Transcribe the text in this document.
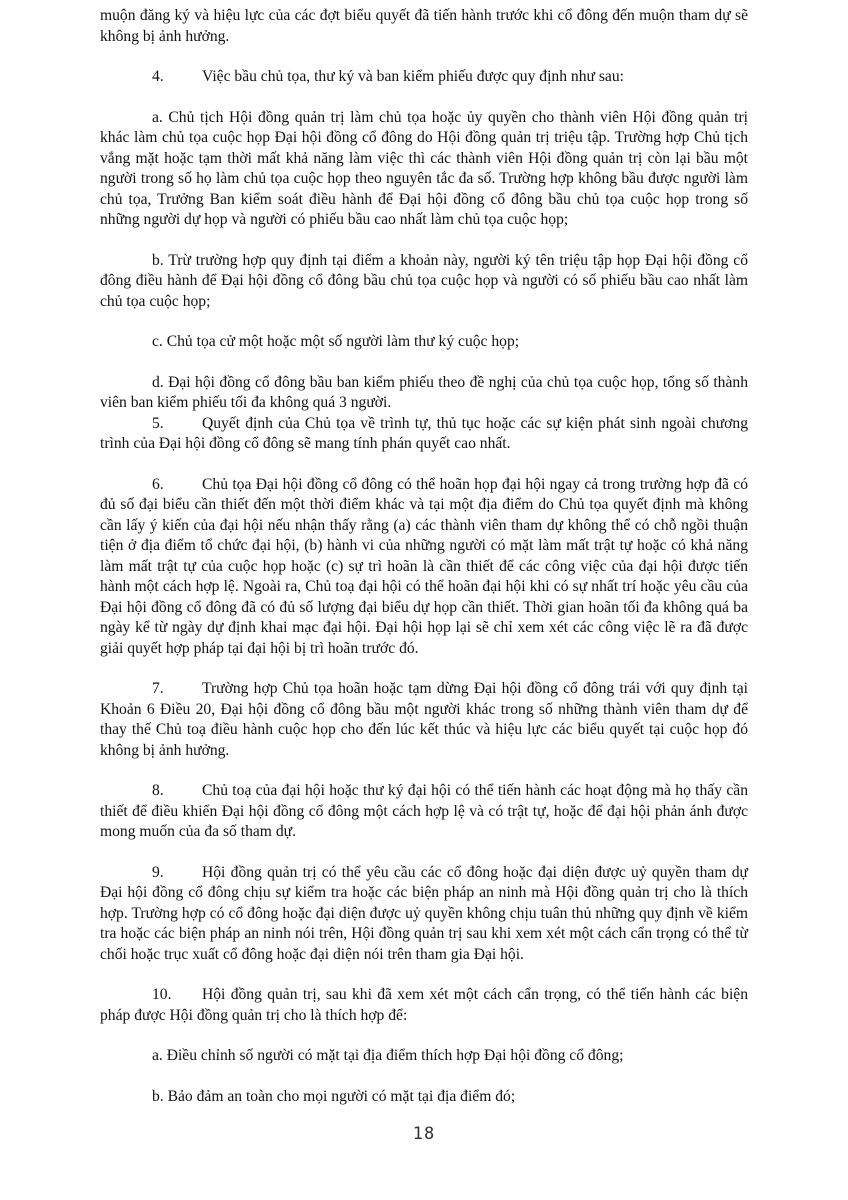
muộn đăng ký và hiệu lực của các đợt biểu quyết đã tiến hành trước khi cổ đông đến muộn tham dự sẽ không bị ảnh hưởng.

4. Việc bầu chủ tọa, thư ký và ban kiểm phiếu được quy định như sau:

a. Chủ tịch Hội đồng quản trị làm chủ tọa hoặc ủy quyền cho thành viên Hội đồng quản trị khác làm chủ tọa cuộc họp Đại hội đồng cổ đông do Hội đồng quản trị triệu tập. Trường hợp Chủ tịch vắng mặt hoặc tạm thời mất khả năng làm việc thì các thành viên Hội đồng quản trị còn lại bầu một người trong số họ làm chủ tọa cuộc họp theo nguyên tắc đa số. Trường hợp không bầu được người làm chủ tọa, Trưởng Ban kiểm soát điều hành để Đại hội đồng cổ đông bầu chủ tọa cuộc họp trong số những người dự họp và người có phiếu bầu cao nhất làm chủ tọa cuộc họp;

b. Trừ trường hợp quy định tại điểm a khoản này, người ký tên triệu tập họp Đại hội đồng cổ đông điều hành để Đại hội đồng cổ đông bầu chủ tọa cuộc họp và người có số phiếu bầu cao nhất làm chủ tọa cuộc họp;

c. Chủ tọa cử một hoặc một số người làm thư ký cuộc họp;

d. Đại hội đồng cổ đông bầu ban kiểm phiếu theo đề nghị của chủ tọa cuộc họp, tổng số thành viên ban kiểm phiếu tối đa không quá 3 người.

5. Quyết định của Chủ tọa về trình tự, thủ tục hoặc các sự kiện phát sinh ngoài chương trình của Đại hội đồng cổ đông sẽ mang tính phán quyết cao nhất.

6. Chủ tọa Đại hội đồng cổ đông có thể hoãn họp đại hội ngay cả trong trường hợp đã có đủ số đại biểu cần thiết đến một thời điểm khác và tại một địa điểm do Chủ tọa quyết định mà không cần lấy ý kiến của đại hội nếu nhận thấy rằng (a) các thành viên tham dự không thể có chỗ ngồi thuận tiện ở địa điểm tổ chức đại hội, (b) hành vi của những người có mặt làm mất trật tự hoặc có khả năng làm mất trật tự của cuộc họp hoặc (c) sự trì hoãn là cần thiết để các công việc của đại hội được tiến hành một cách hợp lệ. Ngoài ra, Chủ toạ đại hội có thể hoãn đại hội khi có sự nhất trí hoặc yêu cầu của Đại hội đồng cổ đông đã có đủ số lượng đại biểu dự họp cần thiết. Thời gian hoãn tối đa không quá ba ngày kể từ ngày dự định khai mạc đại hội. Đại hội họp lại sẽ chỉ xem xét các công việc lẽ ra đã được giải quyết hợp pháp tại đại hội bị trì hoãn trước đó.

7. Trường hợp Chủ tọa hoãn hoặc tạm dừng Đại hội đồng cổ đông trái với quy định tại Khoản 6 Điều 20, Đại hội đồng cổ đông bầu một người khác trong số những thành viên tham dự để thay thế Chủ toạ điều hành cuộc họp cho đến lúc kết thúc và hiệu lực các biểu quyết tại cuộc họp đó không bị ảnh hưởng.

8. Chủ toạ của đại hội hoặc thư ký đại hội có thể tiến hành các hoạt động mà họ thấy cần thiết để điều khiển Đại hội đồng cổ đông một cách hợp lệ và có trật tự, hoặc để đại hội phản ánh được mong muốn của đa số tham dự.

9. Hội đồng quản trị có thể yêu cầu các cổ đông hoặc đại diện được uỷ quyền tham dự Đại hội đồng cổ đông chịu sự kiểm tra hoặc các biện pháp an ninh mà Hội đồng quản trị cho là thích hợp. Trường hợp có cổ đông hoặc đại diện được uỷ quyền không chịu tuân thủ những quy định về kiểm tra hoặc các biện pháp an ninh nói trên, Hội đồng quản trị sau khi xem xét một cách cẩn trọng có thể từ chối hoặc trục xuất cổ đông hoặc đại diện nói trên tham gia Đại hội.

10. Hội đồng quản trị, sau khi đã xem xét một cách cẩn trọng, có thể tiến hành các biện pháp được Hội đồng quản trị cho là thích hợp để:

a. Điều chỉnh số người có mặt tại địa điểm thích hợp Đại hội đồng cổ đông;

b. Bảo đảm an toàn cho mọi người có mặt tại địa điểm đó;

18
